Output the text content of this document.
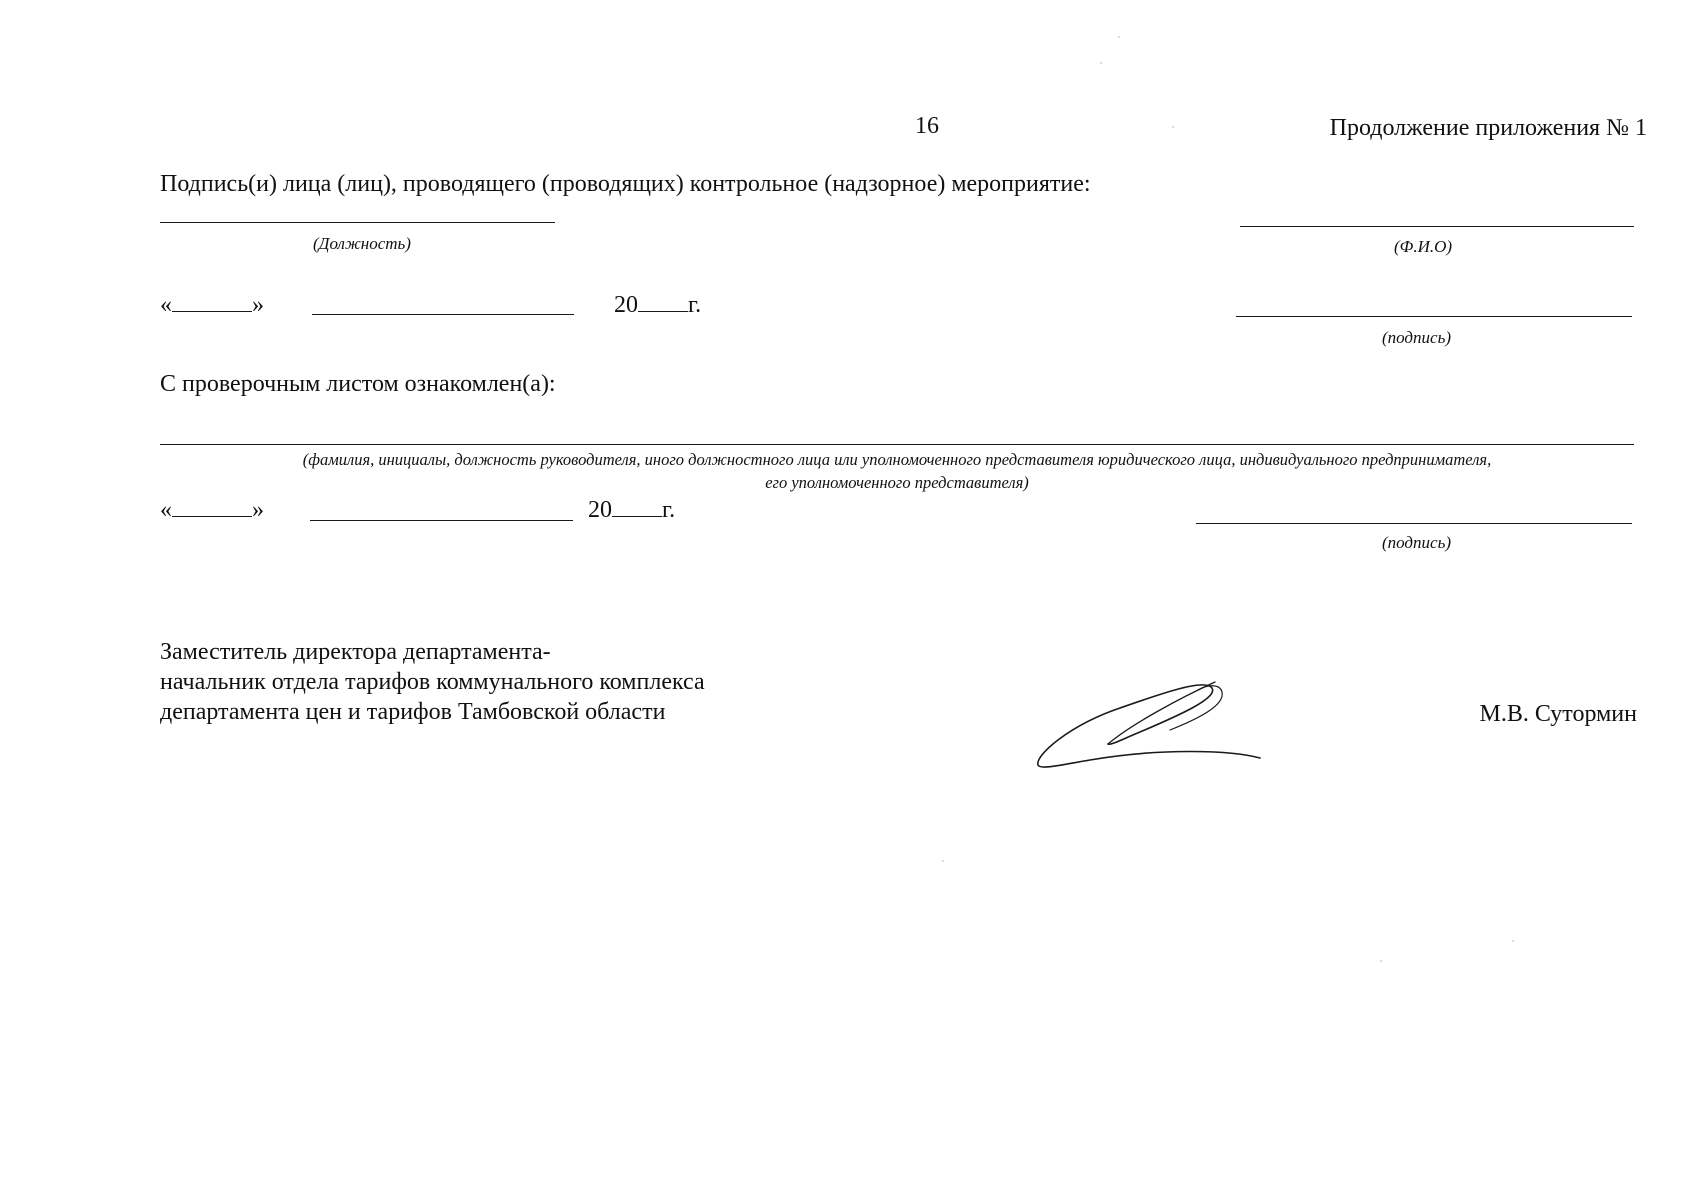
16	Продолжение приложения № 1
Подпись(и) лица (лиц), проводящего (проводящих) контрольное (надзорное) мероприятие:
(Должность)	(Ф.И.О)
«	»	20 г.
(подпись)
С проверочным листом ознакомлен(а):
(фамилия, инициалы, должность руководителя, иного должностного лица или уполномоченного представителя юридического лица, индивидуального предпринимателя,
его уполномоченного представителя)
«	»	20 г.
(подпись)
Заместитель директора департамента-
начальник отдела тарифов коммунального комплекса
департамента цен и тарифов Тамбовской области	М.В. Сутормин
